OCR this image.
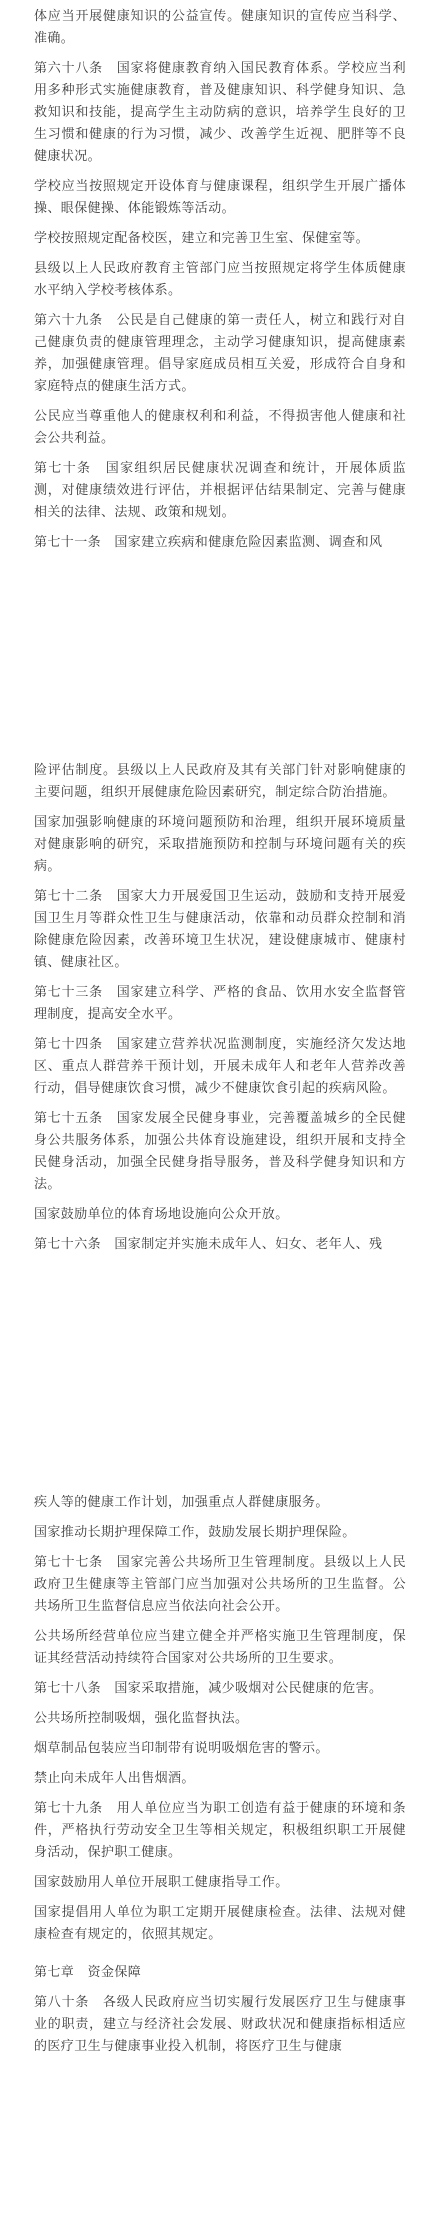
体应当开展健康知识的公益宣传。健康知识的宣传应当科学、准确。

第六十八条　国家将健康教育纳入国民教育体系。学校应当利用多种形式实施健康教育，普及健康知识、科学健身知识、急救知识和技能，提高学生主动防病的意识，培养学生良好的卫生习惯和健康的行为习惯，减少、改善学生近视、肥胖等不良健康状况。

学校应当按照规定开设体育与健康课程，组织学生开展广播体操、眼保健操、体能锻炼等活动。

学校按照规定配备校医，建立和完善卫生室、保健室等。

县级以上人民政府教育主管部门应当按照规定将学生体质健康水平纳入学校考核体系。

第六十九条　公民是自己健康的第一责任人，树立和践行对自己健康负责的健康管理理念，主动学习健康知识，提高健康素养，加强健康管理。倡导家庭成员相互关爱，形成符合自身和家庭特点的健康生活方式。

公民应当尊重他人的健康权利和利益，不得损害他人健康和社会公共利益。

第七十条　国家组织居民健康状况调查和统计，开展体质监测，对健康绩效进行评估，并根据评估结果制定、完善与健康相关的法律、法规、政策和规划。

第七十一条　国家建立疾病和健康危险因素监测、调查和风

险评估制度。县级以上人民政府及其有关部门针对影响健康的主要问题，组织开展健康危险因素研究，制定综合防治措施。

国家加强影响健康的环境问题预防和治理，组织开展环境质量对健康影响的研究，采取措施预防和控制与环境问题有关的疾病。

第七十二条　国家大力开展爱国卫生运动，鼓励和支持开展爱国卫生月等群众性卫生与健康活动，依靠和动员群众控制和消除健康危险因素，改善环境卫生状况，建设健康城市、健康村镇、健康社区。

第七十三条　国家建立科学、严格的食品、饮用水安全监督管理制度，提高安全水平。

第七十四条　国家建立营养状况监测制度，实施经济欠发达地区、重点人群营养干预计划，开展未成年人和老年人营养改善行动，倡导健康饮食习惯，减少不健康饮食引起的疾病风险。

第七十五条　国家发展全民健身事业，完善覆盖城乡的全民健身公共服务体系，加强公共体育设施建设，组织开展和支持全民健身活动，加强全民健身指导服务，普及科学健身知识和方法。

国家鼓励单位的体育场地设施向公众开放。

第七十六条　国家制定并实施未成年人、妇女、老年人、残

疾人等的健康工作计划，加强重点人群健康服务。

国家推动长期护理保障工作，鼓励发展长期护理保险。

第七十七条　国家完善公共场所卫生管理制度。县级以上人民政府卫生健康等主管部门应当加强对公共场所的卫生监督。公共场所卫生监督信息应当依法向社会公开。

公共场所经营单位应当建立健全并严格实施卫生管理制度，保证其经营活动持续符合国家对公共场所的卫生要求。

第七十八条　国家采取措施，减少吸烟对公民健康的危害。

公共场所控制吸烟，强化监督执法。

烟草制品包装应当印制带有说明吸烟危害的警示。

禁止向未成年人出售烟酒。

第七十九条　用人单位应当为职工创造有益于健康的环境和条件，严格执行劳动安全卫生等相关规定，积极组织职工开展健身活动，保护职工健康。

国家鼓励用人单位开展职工健康指导工作。

国家提倡用人单位为职工定期开展健康检查。法律、法规对健康检查有规定的，依照其规定。

第七章　资金保障

第八十条　各级人民政府应当切实履行发展医疗卫生与健康事业的职责，建立与经济社会发展、财政状况和健康指标相适应的医疗卫生与健康事业投入机制，将医疗卫生与健康
